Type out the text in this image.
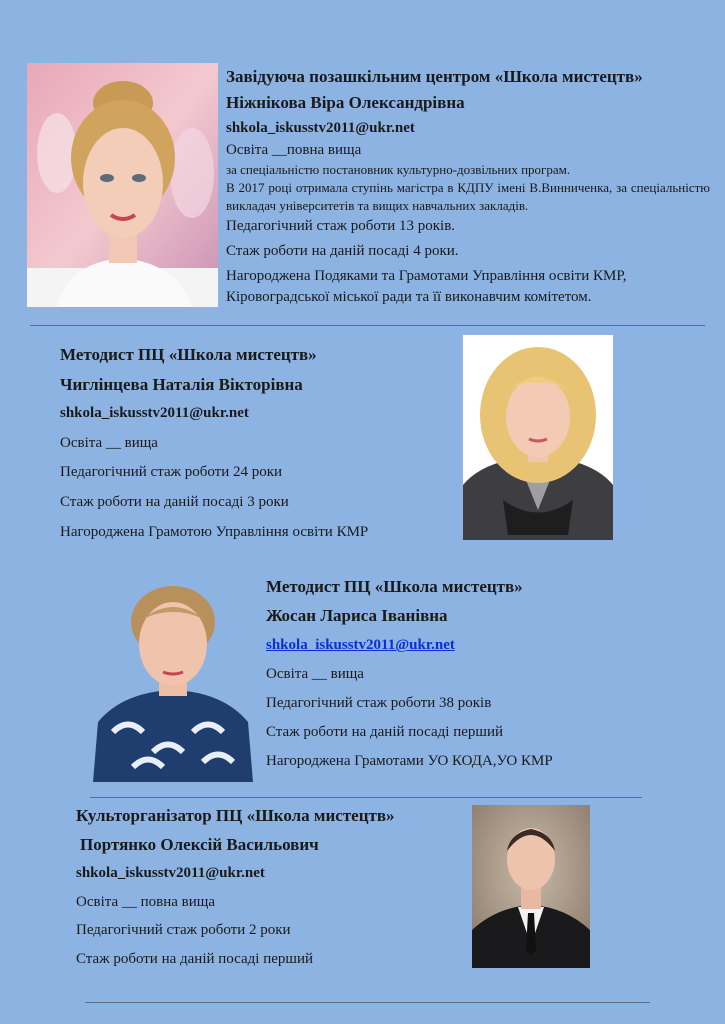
Завідуюча позашкільним центром «Школа мистецтв»
Ніжнікова Віра Олександрівна
shkola_iskusstv2011@ukr.net
Освіта __повна вища
за спеціальністю постановник культурно-дозвільних програм.
В 2017 році отримала ступінь магістра в КДПУ імені В.Винниченка, за спеціальністю викладач університетів та вищих навчальних закладів.
Педагогічний стаж роботи 13 років.
Стаж роботи на даній посаді 4 роки.
Нагороджена Подяками та Грамотами Управління освіти КМР,
Кіровоградської міської ради та її виконавчим комітетом.
Методист ПЦ «Школа мистецтв»
Чиглінцева Наталія Вікторівна
shkola_iskusstv2011@ukr.net
Освіта __ вища
Педагогічний стаж роботи 24 роки
Стаж роботи на даній посаді 3 роки
Нагороджена Грамотою Управління освіти КМР
Методист ПЦ «Школа мистецтв»
Жосан Лариса Іванівна
shkola_iskusstv2011@ukr.net
Освіта __ вища
Педагогічний стаж роботи 38 років
Стаж роботи на даній посаді перший
Нагороджена Грамотами УО КОДА,УО КМР
Культорганізатор ПЦ «Школа мистецтв»
Портянко Олексій Васильович
shkola_iskusstv2011@ukr.net
Освіта __ повна вища
Педагогічний стаж роботи 2 роки
Стаж роботи на даній посаді перший
